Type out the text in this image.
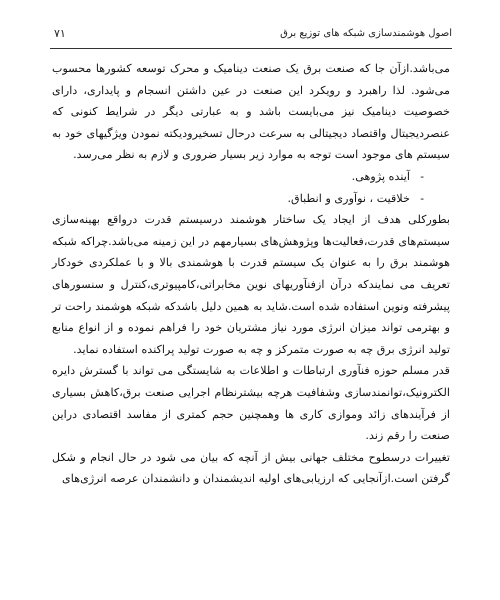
اصول هوشمندسازی شبکه های توزیع برق
۷۱

می‌باشد.ازآن جا که صنعت برق یک صنعت دینامیک و محرک توسعه کشورها محسوب می‌شود. لذا راهبرد و رویکرد این صنعت در عین داشتن انسجام و پایداری، دارای خصوصیت دینامیک نیز می‌بایست باشد و به عبارتی دیگر در شرایط کنونی که عنصردیجیتال واقتصاد دیجیتالی به سرعت درحال تسخیرودیکته نمودن ویژگیهای خود به سیستم های موجود است توجه به موارد زیر بسیار ضروری و لازم به نظر می‌رسد.

-
آینده پژوهی.
-
خلاقیت ، نوآوری و انطباق.

بطورکلی هدف از ایجاد یک ساختار هوشمند درسیستم قدرت درواقع بهینه‌سازی سیستم‌های قدرت،فعالیت‌ها وپژوهش‌های بسیارمهم در این زمینه می‌باشد.چراکه شبکه هوشمند برق را به عنوان یک سیستم قدرت با هوشمندی بالا و با عملکردی خودکار تعریف می نمایندکه درآن ازفنآوریهای نوین مخابراتی،کامپیوتری،کنترل و سنسورهای پیشرفته ونوین استفاده شده است.شاید به همین دلیل باشدکه شبکه هوشمند راحت تر و بهترمی تواند میزان انرژی مورد نیاز مشتریان خود را فراهم نموده و از انواع منابع تولید انرژی برق چه به صورت متمرکز و چه به صورت تولید پراکنده استفاده نماید.

قدر مسلم حوزه فنآوری ارتباطات و اطلاعات به شایستگی می تواند با گسترش دایره الکترونیک،توانمندسازی وشفافیت هرچه بیشترنظام اجرایی صنعت برق،کاهش بسیاری از فرآیندهای زائد وموازی کاری ها وهمچنین حجم کمتری از مفاسد اقتصادی دراین صنعت را رقم زند.

تغییرات درسطوح مختلف جهانی بیش از آنچه که بیان می شود در حال انجام و شکل گرفتن است.ازآنجایی که ارزیابی‌های اولیه اندیشمندان و دانشمندان عرصه انرژی‌های
